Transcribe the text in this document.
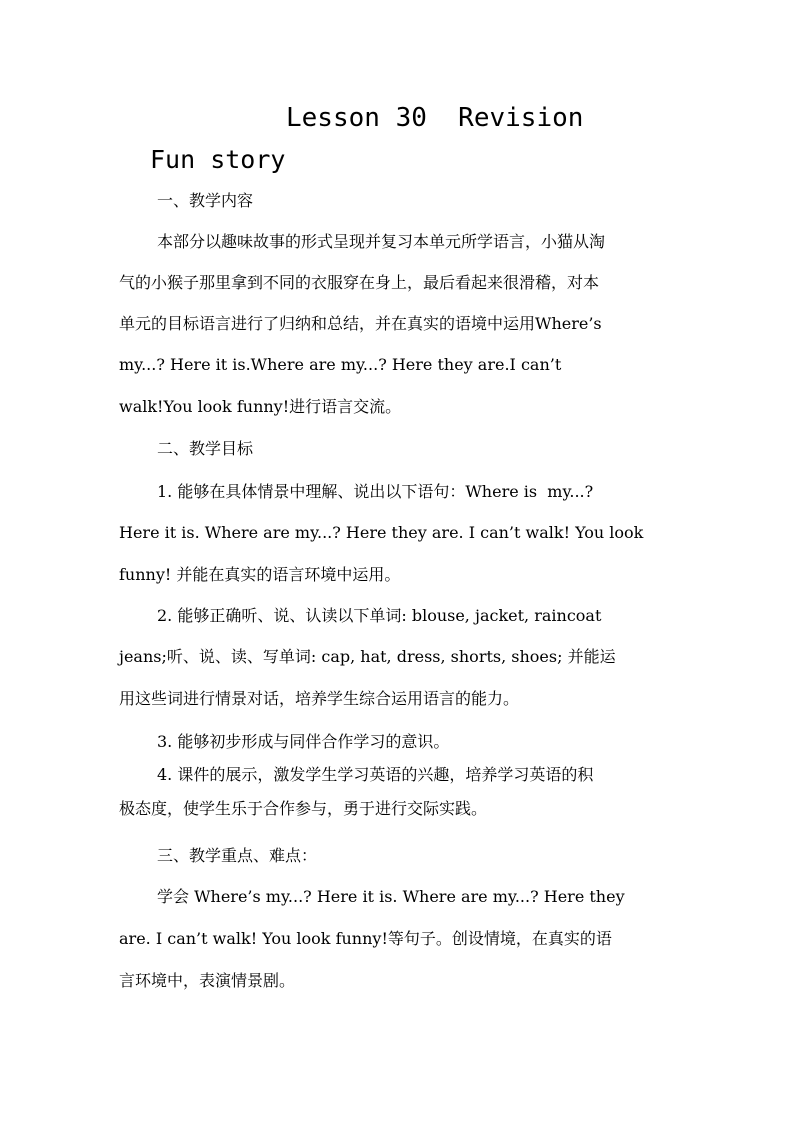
Lesson 30  Revision
Fun story
一、教学内容
本部分以趣味故事的形式呈现并复习本单元所学语言，小猫从淘
气的小猴子那里拿到不同的衣服穿在身上，最后看起来很滑稽，对本
单元的目标语言进行了归纳和总结，并在真实的语境中运用Where’s
my...? Here it is.Where are my...? Here they are.I can’t
walk!You look funny!进行语言交流。
二、教学目标
1. 能够在具体情景中理解、说出以下语句：Where is  my...?
Here it is. Where are my...? Here they are. I can’t walk! You look
funny! 并能在真实的语言环境中运用。
2. 能够正确听、说、认读以下单词: blouse, jacket, raincoat
jeans;听、说、读、写单词: cap, hat, dress, shorts, shoes; 并能运
用这些词进行情景对话，培养学生综合运用语言的能力。
3. 能够初步形成与同伴合作学习的意识。
4. 课件的展示，激发学生学习英语的兴趣，培养学习英语的积
极态度，使学生乐于合作参与，勇于进行交际实践。
三、教学重点、难点：
学会 Where’s my...? Here it is. Where are my...? Here they
are. I can’t walk! You look funny!等句子。创设情境，在真实的语
言环境中，表演情景剧。
